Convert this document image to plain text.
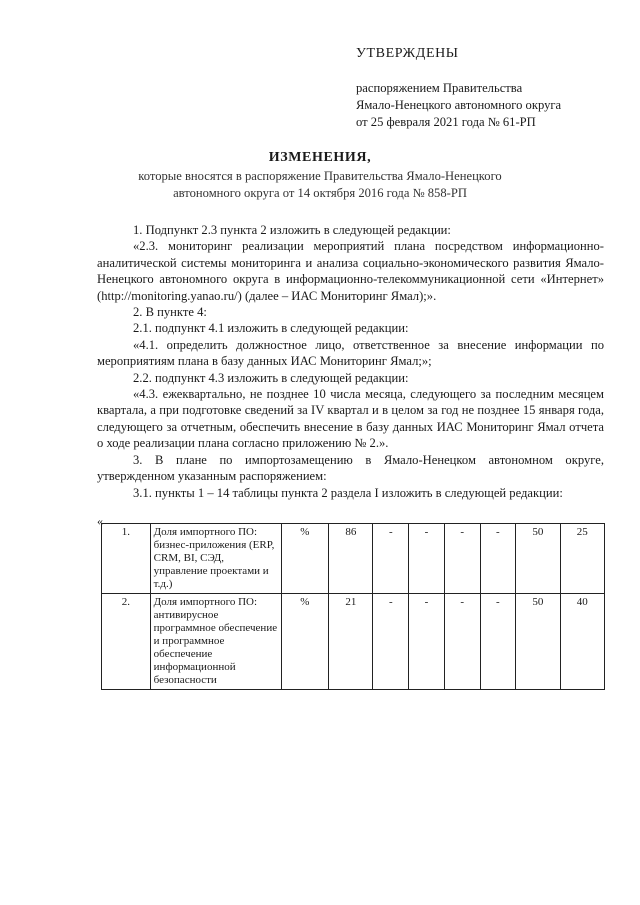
УТВЕРЖДЕНЫ
распоряжением Правительства
Ямало-Ненецкого автономного округа
от 25 февраля 2021 года № 61-РП
ИЗМЕНЕНИЯ,
которые вносятся в распоряжение Правительства Ямало-Ненецкого
автономного округа от 14 октября 2016 года № 858-РП

1. Подпункт 2.3 пункта 2 изложить в следующей редакции:

«2.3. мониторинг реализации мероприятий плана посредством информационно-аналитической системы мониторинга и анализа социально-экономического развития Ямало-Ненецкого автономного округа в информационно-телекоммуникационной сети «Интернет» (http://monitoring.yanao.ru/) (далее – ИАС Мониторинг Ямал);».

2. В пункте 4:

2.1. подпункт 4.1 изложить в следующей редакции:

«4.1. определить должностное лицо, ответственное за внесение информации по мероприятиям плана в базу данных ИАС Мониторинг Ямал;»;

2.2. подпункт 4.3 изложить в следующей редакции:

«4.3. ежеквартально, не позднее 10 числа месяца, следующего за последним месяцем квартала, а при подготовке сведений за IV квартал и в целом за год не позднее 15 января года, следующего за отчетным, обеспечить внесение в базу данных ИАС Мониторинг Ямал отчета о ходе реализации плана согласно приложению № 2.».

3. В плане по импортозамещению в Ямало-Ненецком автономном округе, утвержденном указанным распоряжением:

3.1. пункты 1 – 14 таблицы пункта 2 раздела I изложить в следующей редакции:

«
1.	Доля импортного ПО: бизнес-приложения (ERP, CRM, BI, СЭД, управление проектами и т.д.)	%	86	-	-	-	-	50	25
2.	Доля импортного ПО: антивирусное программное обеспечение и программное обеспечение информационной безопасности	%	21	-	-	-	-	50	40
